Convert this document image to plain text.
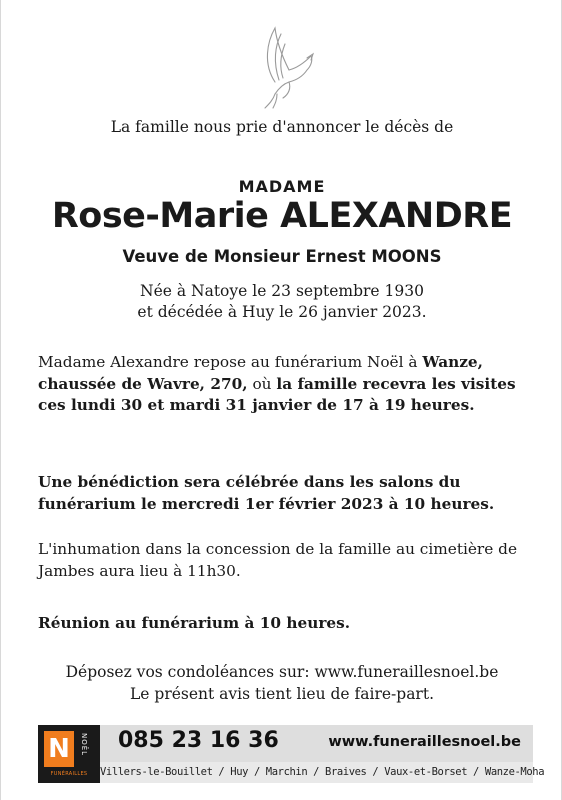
La famille nous prie d'annoncer le décès de
MADAME
Rose-Marie ALEXANDRE
Veuve de Monsieur Ernest MOONS
Née à Natoye le 23 septembre 1930
et décédée à Huy le 26 janvier 2023.
Madame Alexandre repose au funérarium Noël à Wanze, chaussée de Wavre, 270, où la famille recevra les visites ces lundi 30 et mardi 31 janvier de 17 à 19 heures.
Une bénédiction sera célébrée dans les salons du funérarium le mercredi 1er février 2023 à 10 heures.
L'inhumation dans la concession de la famille au cimetière de Jambes aura lieu à 11h30.
Réunion au funérarium à 10 heures.
Déposez vos condoléances sur: www.funeraillesnoel.be
Le présent avis tient lieu de faire-part.
N	NOËL
FUNÉRAILLES
085 23 16 36	www.funeraillesnoel.be
Villers-le-Bouillet / Huy / Marchin / Braives / Vaux-et-Borset / Wanze-Moha
